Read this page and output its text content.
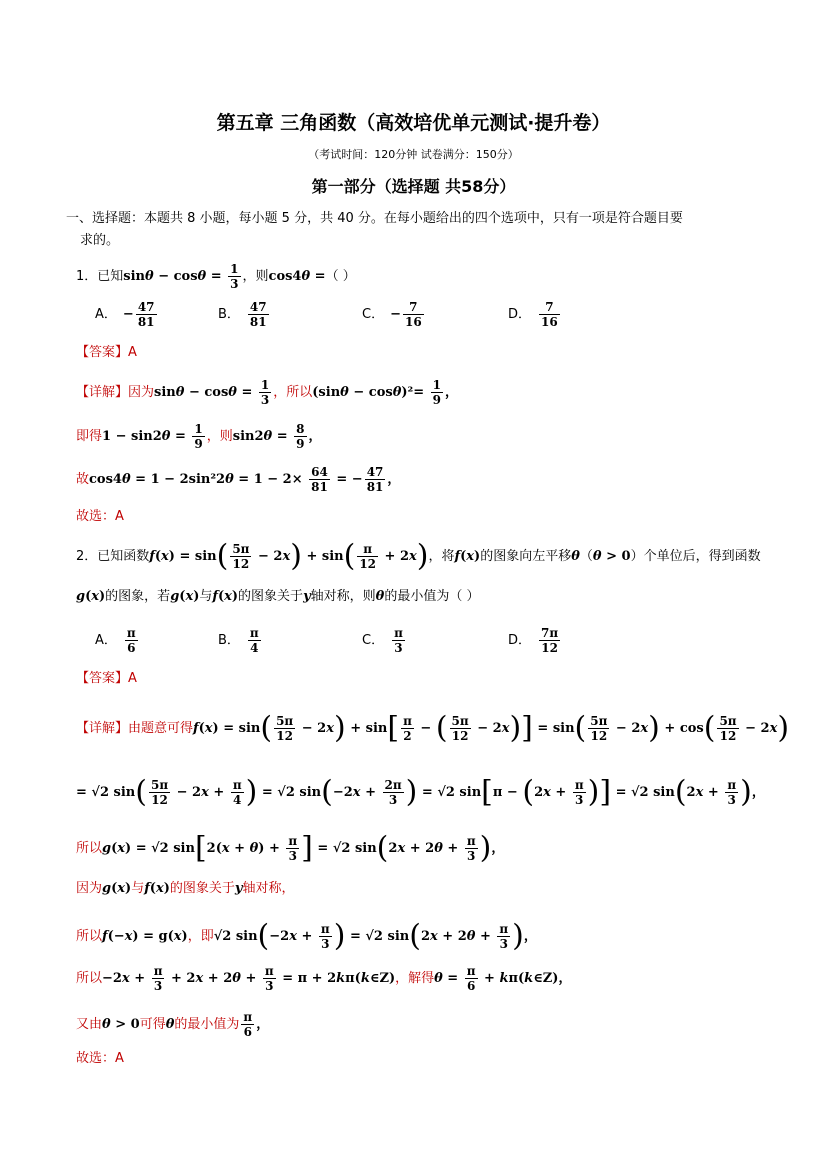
第五章 三角函数（高效培优单元测试·提升卷）
（考试时间：120分钟 试卷满分：150分）
第一部分（选择题 共58分）
一、选择题：本题共 8 小题，每小题 5 分，共 40 分。在每小题给出的四个选项中，只有一项是符合题目要
求的。
1．已知$\sin\theta - \cos\theta = \frac{1}{3}$ ，则cos4θ =（ ）
A． − $\frac{47}{81}$	B． $\frac{47}{81}$	C． − $\frac{7}{16}$	D． $\frac{7}{16}$
【答案】A
【详解】因为$\sin\theta - \cos\theta = \frac{1}{3}$ ，所以$(\sin\theta - \cos\theta)^2= \frac{1}{9}$ ，
即得$1 - \sin 2\theta = \frac{1}{9}$ ，则$\sin 2\theta = \frac{8}{9}$ ，
故$\cos 4\theta = 1 - 2\sin^22\theta = 1 - 2\times \frac{64}{81}$ = − $\frac{47}{81}$ ，
故选：A
2．已知函数$f(x) = \sin( \frac{5\pi}{12} - 2x) + \sin( \frac{\pi}{12} + 2x)$，将f(x)的图象向左平移θ（θ > 0）个单位后，得到函数
g(x)的图象，若g(x)与f(x)的图象关于y轴对称，则θ的最小值为（ ）
A． $\frac{\pi}{6}$	B． $\frac{\pi}{4}$	C． $\frac{\pi}{3}$	D． $\frac{7\pi}{12}$
【答案】A
【详解】由题意可得$f(x) = \sin( \frac{5\pi}{12} - 2x) + \sin[ \frac{\pi}{2}$ − ( $\frac{5\pi}{12} - 2x)] = \sin( \frac{5\pi}{12} - 2x) + \cos( \frac{5\pi}{12} - 2x)$
= √2 $\sin( \frac{5\pi}{12} - 2x + \frac{\pi}{4}$ ) = √2 $\sin(-2x + \frac{2\pi}{3}$ ) = √2 $\sin[\pi - (2x + \frac{\pi}{3}$ )] = √2 $\sin(2x + \frac{\pi}{3}$ )，
所以g(x) = √2 $\sin[2(x + \theta) + \frac{\pi}{3}$ ] = √2 $\sin(2x + 2\theta + \frac{\pi}{3}$ )，
因为g(x)与f(x)的图象关于y轴对称，
所以f(−x) = g(x)，即√2 $\sin(-2x + \frac{\pi}{3}$ ) = √2 $\sin(2x + 2\theta + \frac{\pi}{3}$ )，
所以$-2x + \frac{\pi}{3} + 2x + 2\theta + \frac{\pi}{3} = \pi$ + 2kπ(k∈Z)，解得$\theta = \frac{\pi}{6}$ + kπ(k∈Z)，
又由θ > 0可得θ的最小值为 $\frac{\pi}{6}$ ，
故选：A
